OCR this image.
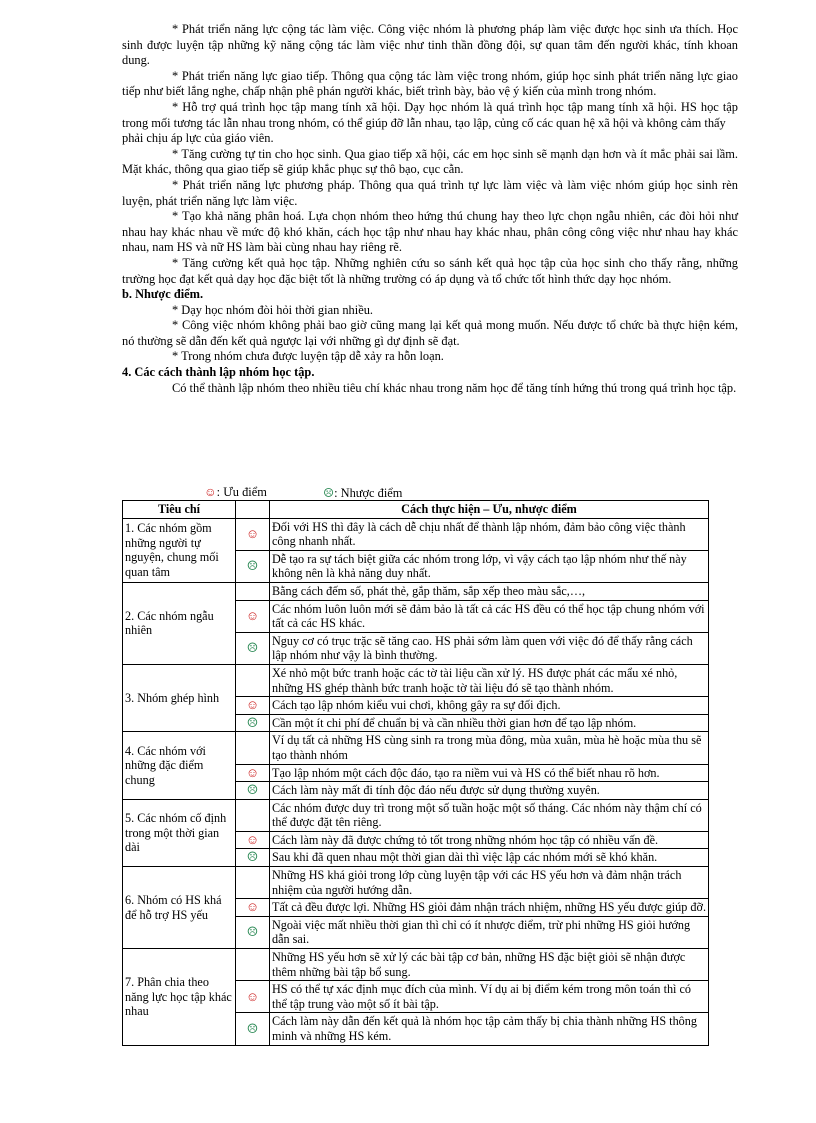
* Phát triển năng lực cộng tác làm việc. Công việc nhóm là phương pháp làm việc được học sinh ưa thích. Học sinh được luyện tập những kỹ năng cộng tác làm việc như tinh thần đồng đội, sự quan tâm đến người khác, tính khoan dung.

* Phát triển năng lực giao tiếp. Thông qua cộng tác làm việc trong nhóm, giúp học sinh phát triển năng lực giao tiếp như biết lắng nghe, chấp nhận phê phán người khác, biết trình bày, bảo vệ ý kiến của mình trong nhóm.

* Hỗ trợ quá trình học tập mang tính xã hội. Dạy học nhóm là quá trình học tập mang tính xã hội. HS học tập trong mối tương tác lẫn nhau trong nhóm, có thể giúp đỡ lẫn nhau, tạo lập, củng cố các quan hệ xã hội và không cảm thấy

phải chịu áp lực của giáo viên.

* Tăng cường tự tin cho học sinh. Qua giao tiếp xã hội, các em học sinh sẽ mạnh dạn hơn và ít mắc phải sai lầm. Mặt khác, thông qua giao tiếp sẽ giúp khắc phục sự thô bạo, cục cằn.

* Phát triển năng lực phương pháp. Thông qua quá trình tự lực làm việc và làm việc nhóm giúp học sinh rèn luyện, phát triển năng lực làm việc.

* Tạo khả năng phân hoá. Lựa chọn nhóm theo hứng thú chung hay theo lực chọn ngẫu nhiên, các đòi hỏi như nhau hay khác nhau về mức độ khó khăn, cách học tập như nhau hay khác nhau, phân công công việc như nhau hay khác nhau, nam HS và nữ HS làm bài cùng nhau hay riêng rẽ.

* Tăng cường kết quả học tập. Những nghiên cứu so sánh kết quả học tập của học sinh cho thấy rằng, những trường học đạt kết quả dạy học đặc biệt tốt là những trường có áp dụng và tổ chức tốt hình thức dạy học nhóm.

b. Nhược điểm.

* Dạy học nhóm đòi hỏi thời gian nhiều.

* Công việc nhóm không phải bao giờ cũng mang lại kết quả mong muốn. Nếu được tổ chức bà thực hiện kém, nó thường sẽ dẫn đến kết quả ngược lại với những gì dự định sẽ đạt.

* Trong nhóm chưa được luyện tập dễ xảy ra hỗn loạn.

4. Các cách thành lập nhóm học tập.

Có thể thành lập nhóm theo nhiều tiêu chí khác nhau trong năm học để tăng tính hứng thú trong quá trình học tập.

☺: Ưu điểm	☹: Nhược điểm
Tiêu chí		Cách thực hiện – Ưu, nhược điểm
1. Các nhóm gồm những người tự nguyện, chung mối quan tâm	☺	Đối với HS thì đây là cách dễ chịu nhất để thành lập nhóm, đảm bảo công việc thành công nhanh nhất.
	☹	Dễ tạo ra sự tách biệt giữa các nhóm trong lớp, vì vậy cách tạo lập nhóm như thế này không nên là khả năng duy nhất.
2. Các nhóm ngẫu nhiên		Bằng cách đếm số, phát thẻ, gắp thăm, sắp xếp theo màu sắc,…,
	☺	Các nhóm luôn luôn mới sẽ đảm bảo là tất cả các HS đều có thể học tập chung nhóm với tất cả các HS khác.
	☹	Nguy cơ có trục trặc sẽ tăng cao. HS phải sớm làm quen với việc đó để thấy rằng cách lập nhóm như vậy là bình thường.
3. Nhóm ghép hình		Xé nhỏ một bức tranh hoặc các tờ tài liệu cần xử lý. HS được phát các mẩu xé nhỏ, những HS ghép thành bức tranh hoặc tờ tài liệu đó sẽ tạo thành nhóm.
	☺	Cách tạo lập nhóm kiểu vui chơi, không gây ra sự đối địch.
	☹	Cần một ít chi phí để chuẩn bị và cần nhiều thời gian hơn để tạo lập nhóm.
4. Các nhóm với những đặc điểm chung		Ví dụ tất cả những HS cùng sinh ra trong mùa đông, mùa xuân, mùa hè hoặc mùa thu sẽ tạo thành nhóm
	☺	Tạo lập nhóm một cách độc đáo, tạo ra niềm vui và HS có thể biết nhau rõ hơn.
	☹	Cách làm này mất đi tính độc đáo nếu được sử dụng thường xuyên.
5. Các nhóm cố định trong một thời gian dài		Các nhóm được duy trì trong một số tuần hoặc một số tháng. Các nhóm này thậm chí có thể được đặt tên riêng.
	☺	Cách làm này đã được chứng tỏ tốt trong những nhóm học tập có nhiều vấn đề.
	☹	Sau khi đã quen nhau một thời gian dài thì việc lập các nhóm mới sẽ khó khăn.
6. Nhóm có HS khá để hỗ trợ HS yếu		Những HS khá giỏi trong lớp cùng luyện tập với các HS yếu hơn và đảm nhận trách nhiệm của người hướng dẫn.
	☺	Tất cả đều được lợi. Những HS giỏi đảm nhận trách nhiệm, những HS yếu được giúp đỡ.
	☹	Ngoài việc mất nhiều thời gian thì chỉ có ít nhược điểm, trừ phi những HS giỏi hướng dẫn sai.
7. Phân chia theo năng lực học tập khác nhau		Những HS yếu hơn sẽ xử lý các bài tập cơ bản, những HS đặc biệt giỏi sẽ nhận được thêm những bài tập bổ sung.
	☺	HS có thể tự xác định mục đích của mình. Ví dụ ai bị điểm kém trong môn toán thì có thể tập trung vào một số ít bài tập.
	☹	Cách làm này dẫn đến kết quả là nhóm học tập cảm thấy bị chia thành những HS thông minh và những HS kém.
